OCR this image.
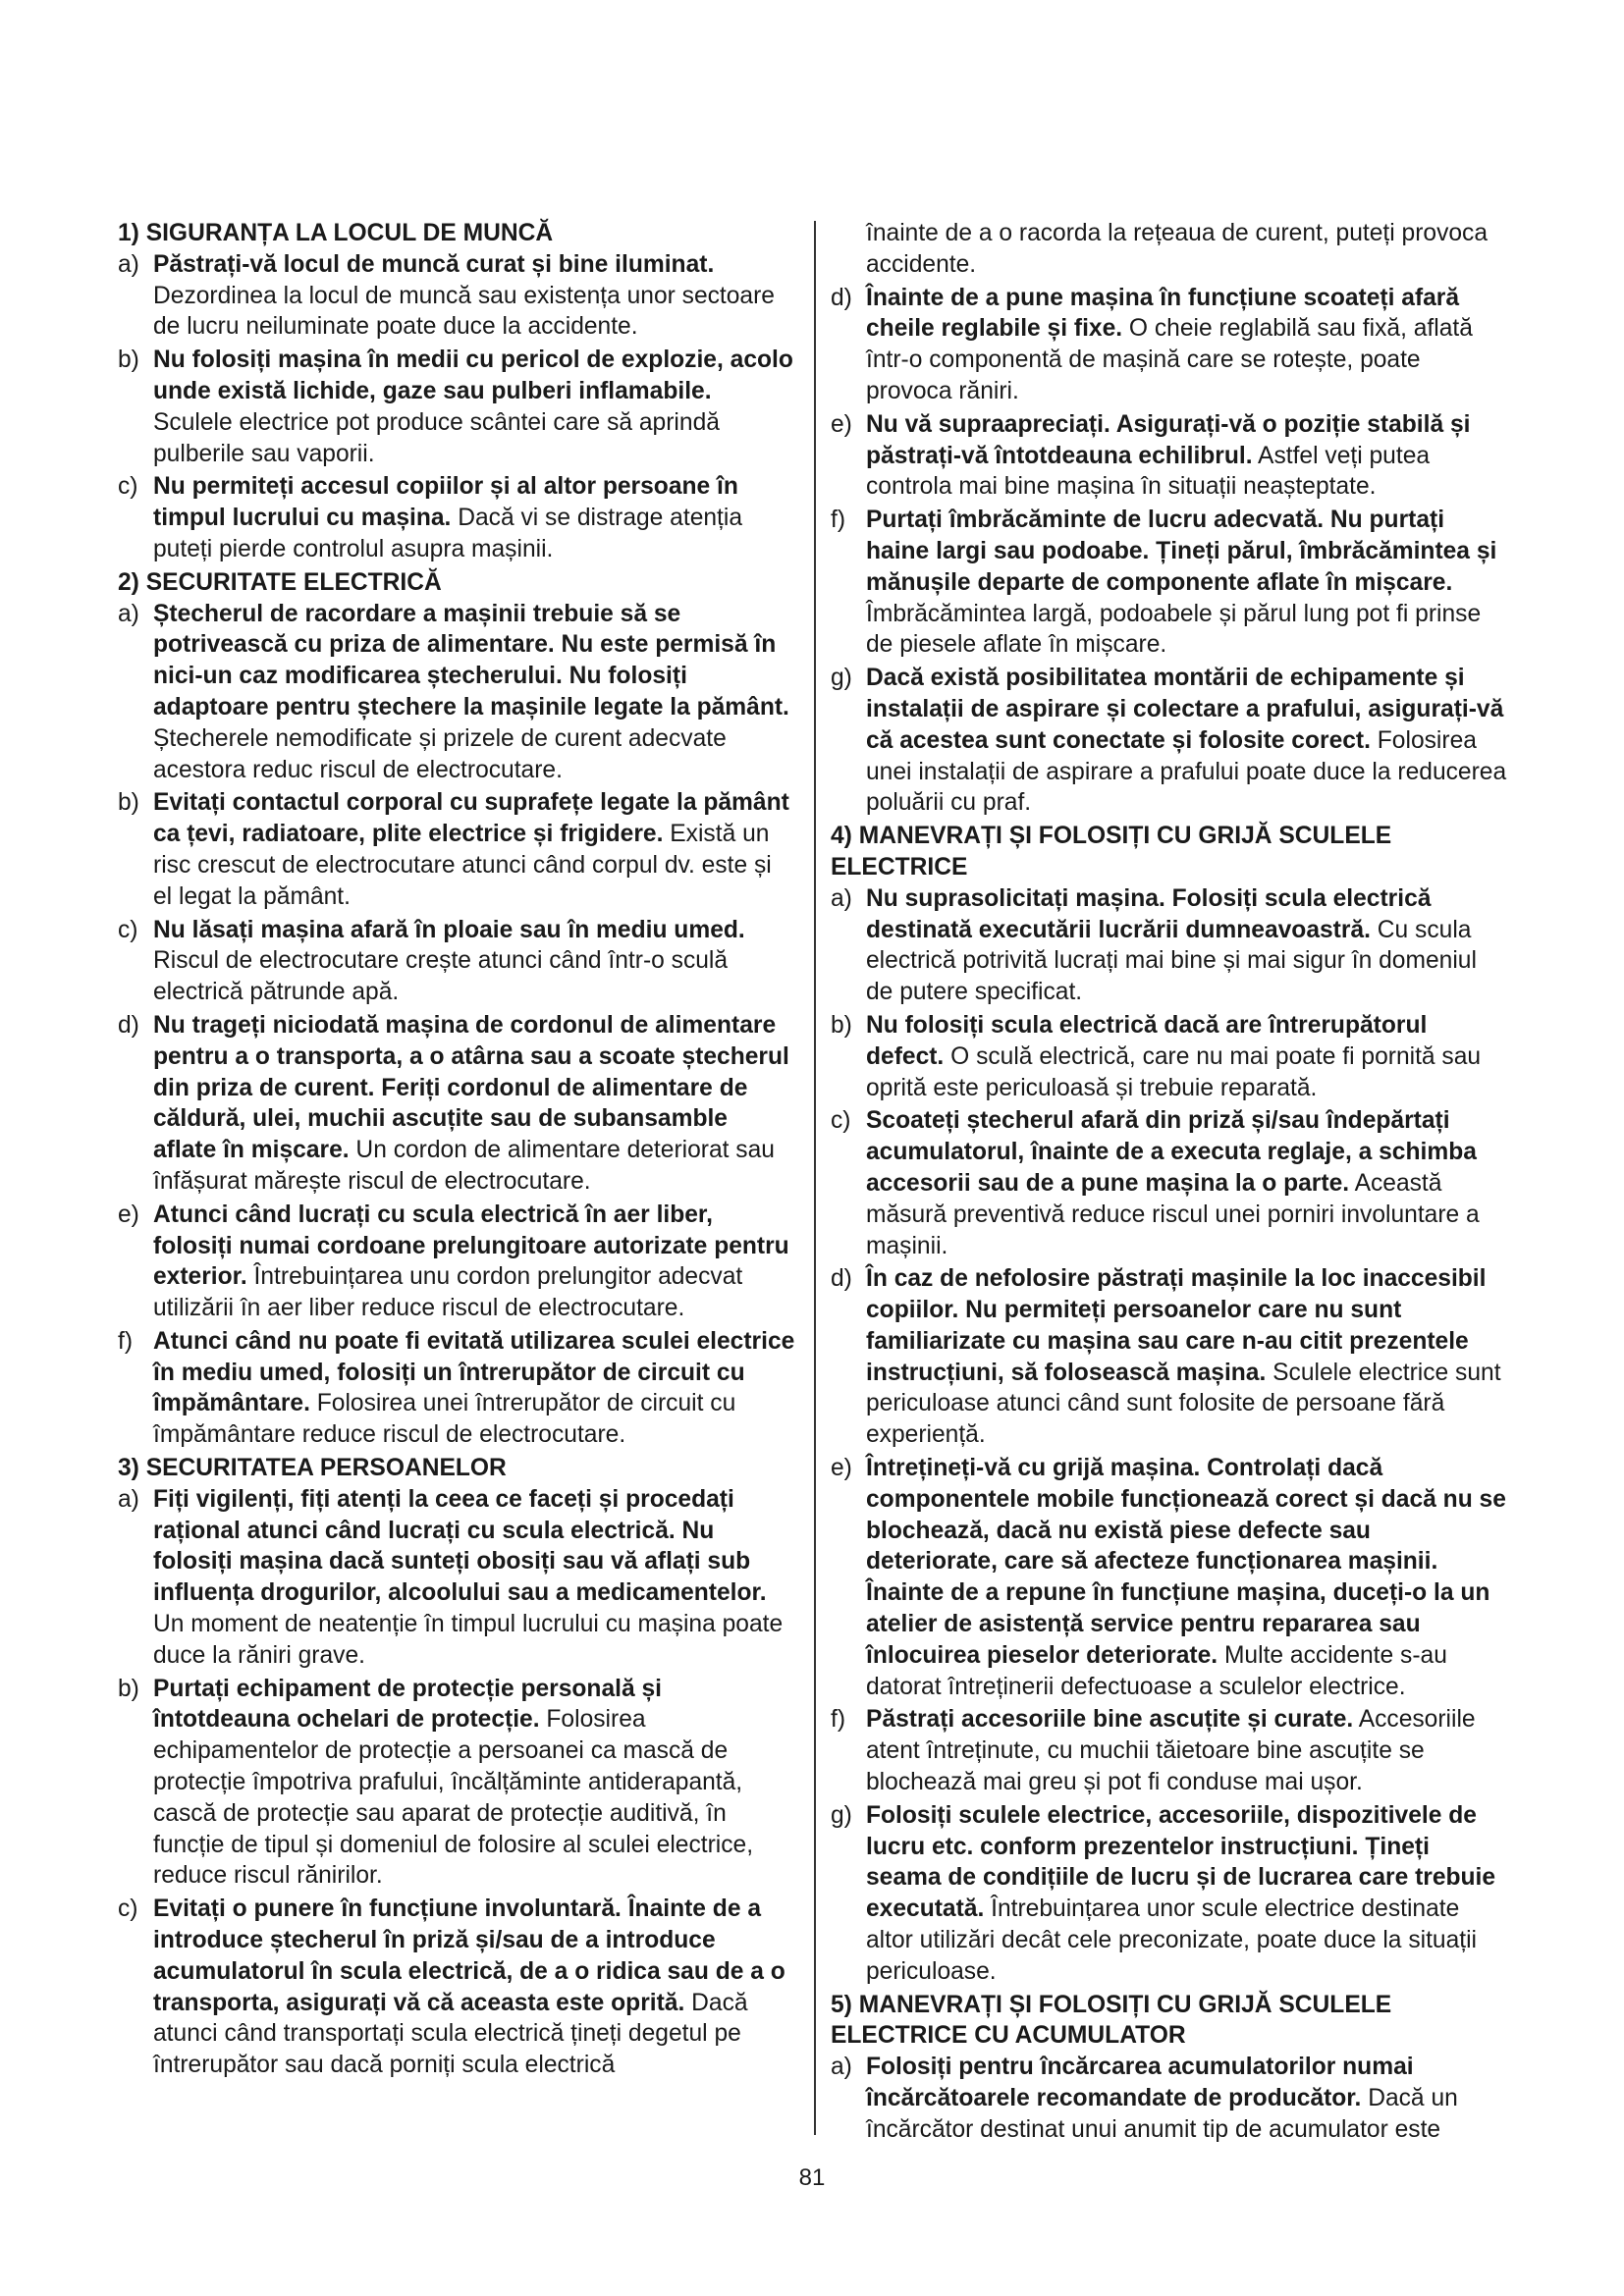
1) SIGURANȚA LA LOCUL DE MUNCĂ

a) Păstrați-vă locul de muncă curat și bine iluminat. Dezordinea la locul de muncă sau existența unor sectoare de lucru neiluminate poate duce la accidente.
b) Nu folosiți mașina în medii cu pericol de explozie, acolo unde există lichide, gaze sau pulberi inflamabile. Sculele electrice pot produce scântei care să aprindă pulberile sau vaporii.
c) Nu permiteți accesul copiilor și al altor persoane în timpul lucrului cu mașina. Dacă vi se distrage atenția puteți pierde controlul asupra mașinii.

2) SECURITATE ELECTRICĂ

a) Ștecherul de racordare a mașinii trebuie să se potrivească cu priza de alimentare. Nu este permisă în nici-un caz modificarea ștecherului. Nu folosiți adaptoare pentru ștechere la mașinile legate la pământ. Ștecherele nemodificate și prizele de curent adecvate acestora reduc riscul de electrocutare.
b) Evitați contactul corporal cu suprafețe legate la pământ ca țevi, radiatoare, plite electrice și frigidere. Există un risc crescut de electrocutare atunci când corpul dv. este și el legat la pământ.
c) Nu lăsați mașina afară în ploaie sau în mediu umed. Riscul de electrocutare crește atunci când într-o sculă electrică pătrunde apă.
d) Nu trageți niciodată mașina de cordonul de alimentare pentru a o transporta, a o atârna sau a scoate ștecherul din priza de curent. Feriți cordonul de alimentare de căldură, ulei, muchii ascuțite sau de subansamble aflate în mișcare. Un cordon de alimentare deteriorat sau înfășurat mărește riscul de electrocutare.
e) Atunci când lucrați cu scula electrică în aer liber, folosiți numai cordoane prelungitoare autorizate pentru exterior. Întrebuințarea unu cordon prelungitor adecvat utilizării în aer liber reduce riscul de electrocutare.
f) Atunci când nu poate fi evitată utilizarea sculei electrice în mediu umed, folosiți un întrerupător de circuit cu împământare. Folosirea unei întrerupător de circuit cu împământare reduce riscul de electrocutare.

3) SECURITATEA PERSOANELOR

a) Fiți vigilenți, fiți atenți la ceea ce faceți și procedați rațional atunci când lucrați cu scula electrică. Nu folosiți mașina dacă sunteți obosiți sau vă aflați sub influența drogurilor, alcoolului sau a medicamentelor. Un moment de neatenție în timpul lucrului cu mașina poate duce la răniri grave.
b) Purtați echipament de protecție personală și întotdeauna ochelari de protecție. Folosirea echipamentelor de protecție a persoanei ca mască de protecție împotriva prafului, încălțăminte antiderapantă, cască de protecție sau aparat de protecție auditivă, în funcție de tipul și domeniul de folosire al sculei electrice, reduce riscul rănirilor.
c) Evitați o punere în funcțiune involuntară. Înainte de a introduce ștecherul în priză și/sau de a introduce acumulatorul în scula electrică, de a o ridica sau de a o transporta, asigurați vă că aceasta este oprită. Dacă atunci când transportați scula electrică țineți degetul pe întrerupător sau dacă porniți scula electrică
înainte de a o racorda la rețeaua de curent, puteți provoca accidente.
d) Înainte de a pune mașina în funcțiune scoateți afară cheile reglabile și fixe. O cheie reglabilă sau fixă, aflată într-o componentă de mașină care se rotește, poate provoca răniri.
e) Nu vă supraapreciați. Asigurați-vă o poziție stabilă și păstrați-vă întotdeauna echilibrul. Astfel veți putea controla mai bine mașina în situații neașteptate.
f) Purtați îmbrăcăminte de lucru adecvată. Nu purtați haine largi sau podoabe. Țineți părul, îmbrăcămintea și mănușile departe de componente aflate în mișcare. Îmbrăcămintea largă, podoabele și părul lung pot fi prinse de piesele aflate în mișcare.
g) Dacă există posibilitatea montării de echipamente și instalații de aspirare și colectare a prafului, asigurați-vă că acestea sunt conectate și folosite corect. Folosirea unei instalații de aspirare a prafului poate duce la reducerea poluării cu praf.

4) MANEVRAȚI ȘI FOLOSIȚI CU GRIJĂ SCULELE ELECTRICE

a) Nu suprasolicitați mașina. Folosiți scula electrică destinată executării lucrării dumneavoastră. Cu scula electrică potrivită lucrați mai bine și mai sigur în domeniul de putere specificat.
b) Nu folosiți scula electrică dacă are întrerupătorul defect. O sculă electrică, care nu mai poate fi pornită sau oprită este periculoasă și trebuie reparată.
c) Scoateți ștecherul afară din priză și/sau îndepărtați acumulatorul, înainte de a executa reglaje, a schimba accesorii sau de a pune mașina la o parte. Această măsură preventivă reduce riscul unei porniri involuntare a mașinii.
d) În caz de nefolosire păstrați mașinile la loc inaccesibil copiilor. Nu permiteți persoanelor care nu sunt familiarizate cu mașina sau care n-au citit prezentele instrucțiuni, să folosească mașina. Sculele electrice sunt periculoase atunci când sunt folosite de persoane fără experiență.
e) Întrețineți-vă cu grijă mașina. Controlați dacă componentele mobile funcționează corect și dacă nu se blochează, dacă nu există piese defecte sau deteriorate, care să afecteze funcționarea mașinii. Înainte de a repune în funcțiune mașina, duceți-o la un atelier de asistență service pentru repararea sau înlocuirea pieselor deteriorate. Multe accidente s-au datorat întreținerii defectuoase a sculelor electrice.
f) Păstrați accesoriile bine ascuțite și curate. Accesoriile atent întreținute, cu muchii tăietoare bine ascuțite se blochează mai greu și pot fi conduse mai ușor.
g) Folosiți sculele electrice, accesoriile, dispozitivele de lucru etc. conform prezentelor instrucțiuni. Țineți seama de condițiile de lucru și de lucrarea care trebuie executată. Întrebuințarea unor scule electrice destinate altor utilizări decât cele preconizate, poate duce la situații periculoase.

5) MANEVRAȚI ȘI FOLOSIȚI CU GRIJĂ SCULELE ELECTRICE CU ACUMULATOR

a) Folosiți pentru încărcarea acumulatorilor numai încărcătoarele recomandate de producător. Dacă un încărcător destinat unui anumit tip de acumulator este
81
